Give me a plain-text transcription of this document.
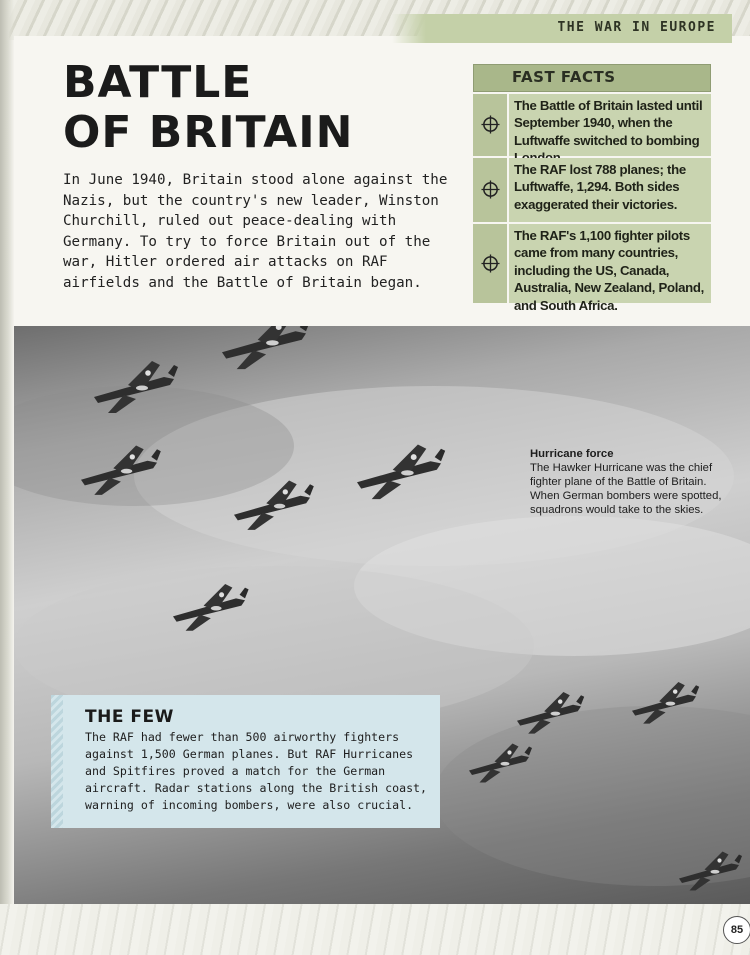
THE WAR IN EUROPE
BATTLE
OF BRITAIN

In June 1940, Britain stood alone against the Nazis, but the country's new leader, Winston Churchill, ruled out peace-dealing with Germany. To try to force Britain out of the war, Hitler ordered air attacks on RAF airfields and the Battle of Britain began.

FAST FACTS
The Battle of Britain lasted until September 1940, when the Luftwaffe switched to bombing
The RAF lost 788 planes; the Luftwaffe, 1,294. Both sides exaggerated their victories.
The RAF's 1,100 fighter pilots came from many countries, including the US, Canada, Australia, New Zealand, Poland, and South Africa.
Hurricane force
The Hawker Hurricane was the chief fighter plane of the Battle of Britain. When German bombers were spotted, squadrons would take to the skies.
THE FEW

The RAF had fewer than 500 airworthy fighters against 1,500 German planes. But RAF Hurricanes and Spitfires proved a match for the German aircraft. Radar stations along the British coast, warning of incoming bombers, were also crucial.

85
